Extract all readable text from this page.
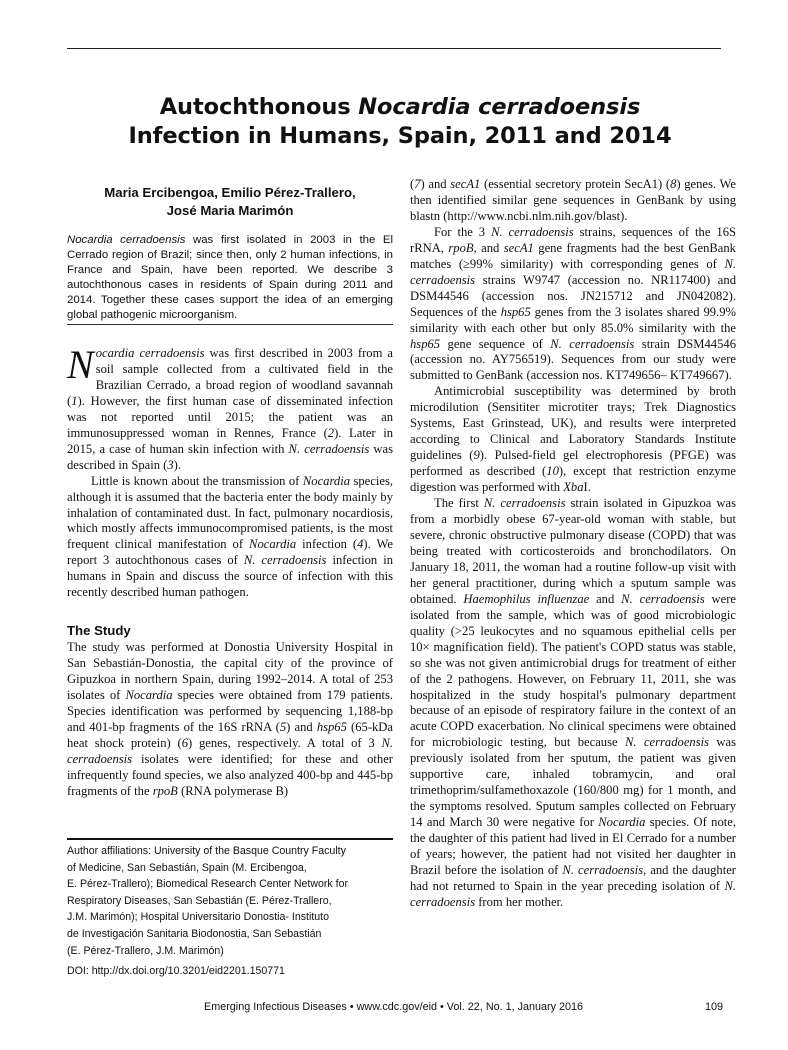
Autochthonous Nocardia cerradoensis
Infection in Humans, Spain, 2011 and 2014
Maria Ercibengoa, Emilio Pérez-Trallero,
José Maria Marimón
Nocardia cerradoensis was first isolated in 2003 in the El Cerrado region of Brazil; since then, only 2 human infections, in France and Spain, have been reported. We describe 3 autochthonous cases in residents of Spain during 2011 and 2014. Together these cases support the idea of an emerging global pathogenic microorganism.

Nocardia cerradoensis was first described in 2003 from a soil sample collected from a cultivated field in the Brazilian Cerrado, a broad region of woodland savannah (1). However, the first human case of disseminated infection was not reported until 2015; the patient was an immunosuppressed woman in Rennes, France (2). Later in 2015, a case of human skin infection with N. cerradoensis was described in Spain (3).

Little is known about the transmission of Nocardia species, although it is assumed that the bacteria enter the body mainly by inhalation of contaminated dust. In fact, pulmonary nocardiosis, which mostly affects immunocompromised patients, is the most frequent clinical manifestation of Nocardia infection (4). We report 3 autochthonous cases of N. cerradoensis infection in humans in Spain and discuss the source of infection with this recently described human pathogen.

The Study

The study was performed at Donostia University Hospital in San Sebastián-Donostia, the capital city of the province of Gipuzkoa in northern Spain, during 1992–2014. A total of 253 isolates of Nocardia species were obtained from 179 patients. Species identification was performed by sequencing 1,188-bp and 401-bp fragments of the 16S rRNA (5) and hsp65 (65-kDa heat shock protein) (6) genes, respectively. A total of 3 N. cerradoensis isolates were identified; for these and other infrequently found species, we also analyzed 400-bp and 445-bp fragments of the rpoB (RNA polymerase B)

Author affiliations: University of the Basque Country Faculty
of Medicine, San Sebastián, Spain (M. Ercibengoa,
E. Pérez-Trallero); Biomedical Research Center Network for
Respiratory Diseases, San Sebastián (E. Pérez-Trallero,
J.M. Marimón); Hospital Universitario Donostia- Instituto
de Investigación Sanitaria Biodonostia, San Sebastián
(E. Pérez-Trallero, J.M. Marimón)
DOI: http://dx.doi.org/10.3201/eid2201.150771

(7) and secA1 (essential secretory protein SecA1) (8) genes. We then identified similar gene sequences in GenBank by using blastn (http://www.ncbi.nlm.nih.gov/blast).

For the 3 N. cerradoensis strains, sequences of the 16S rRNA, rpoB, and secA1 gene fragments had the best GenBank matches (≥99% similarity) with corresponding genes of N. cerradoensis strains W9747 (accession no. NR117400) and DSM44546 (accession nos. JN215712 and JN042082). Sequences of the hsp65 genes from the 3 isolates shared 99.9% similarity with each other but only 85.0% similarity with the hsp65 gene sequence of N. cerradoensis strain DSM44546 (accession no. AY756519). Sequences from our study were submitted to GenBank (accession nos. KT749656– KT749667).

Antimicrobial susceptibility was determined by broth microdilution (Sensititer microtiter trays; Trek Diagnostics Systems, East Grinstead, UK), and results were interpreted according to Clinical and Laboratory Standards Institute guidelines (9). Pulsed-field gel electrophoresis (PFGE) was performed as described (10), except that restriction enzyme digestion was performed with XbaI.

The first N. cerradoensis strain isolated in Gipuzkoa was from a morbidly obese 67-year-old woman with stable, but severe, chronic obstructive pulmonary disease (COPD) that was being treated with corticosteroids and bronchodilators. On January 18, 2011, the woman had a routine follow-up visit with her general practitioner, during which a sputum sample was obtained. Haemophilus influenzae and N. cerradoensis were isolated from the sample, which was of good microbiologic quality (>25 leukocytes and no squamous epithelial cells per 10× magnification field). The patient's COPD status was stable, so she was not given antimicrobial drugs for treatment of either of the 2 pathogens. However, on February 11, 2011, she was hospitalized in the study hospital's pulmonary department because of an episode of respiratory failure in the context of an acute COPD exacerbation. No clinical specimens were obtained for microbiologic testing, but because N. cerradoensis was previously isolated from her sputum, the patient was given supportive care, inhaled tobramycin, and oral trimethoprim/sulfamethoxazole (160/800 mg) for 1 month, and the symptoms resolved. Sputum samples collected on February 14 and March 30 were negative for Nocardia species. Of note, the daughter of this patient had lived in El Cerrado for a number of years; however, the patient had not visited her daughter in Brazil before the isolation of N. cerradoensis, and the daughter had not returned to Spain in the year preceding isolation of N. cerradoensis from her mother.

Emerging Infectious Diseases • www.cdc.gov/eid • Vol. 22, No. 1, January 2016	109
